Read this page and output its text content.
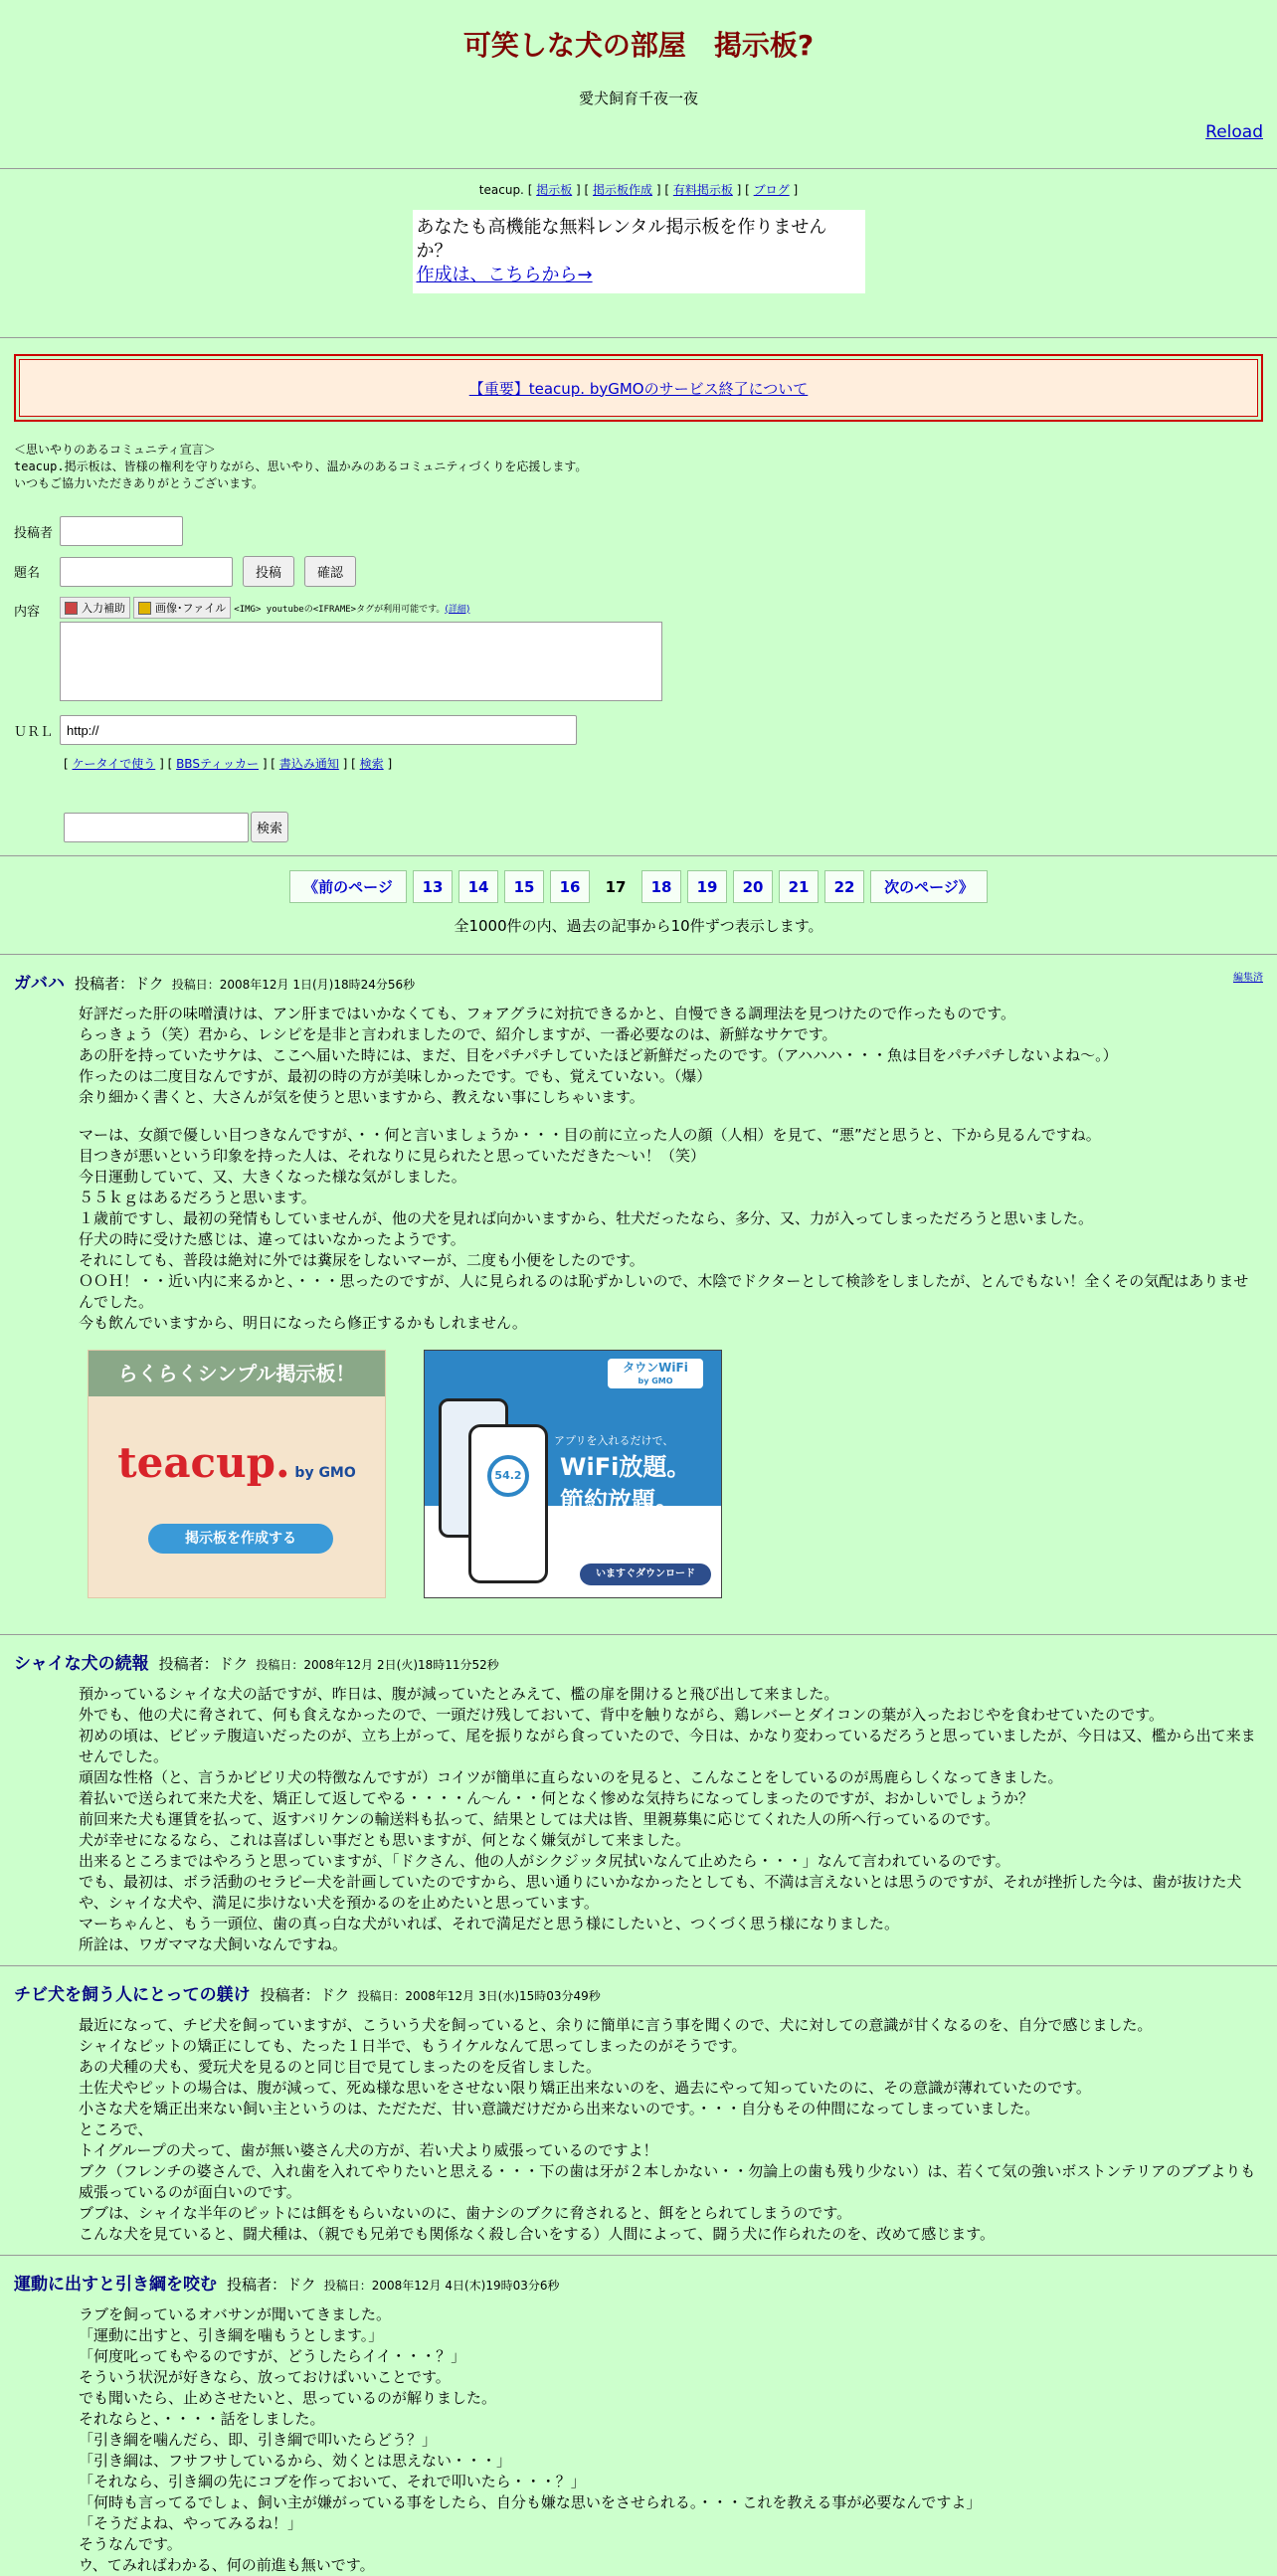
可笑しな犬の部屋　掲示板?
愛犬飼育千夜一夜
Reload
teacup. [ 掲示板 ] [ 掲示板作成 ] [ 有料掲示板 ] [ ブログ ]
あなたも高機能な無料レンタル掲示板を作りませんか？
作成は、こちらから→
【重要】teacup. byGMOのサービス終了について
＜思いやりのあるコミュニティ宣言＞
teacup.掲示板は、皆様の権利を守りながら、思いやり、温かみのあるコミュニティづくりを応援します。
いつもご協力いただきありがとうございます。
投稿者
題名	投稿	確認
内容	入力補助	画像･ファイル <IMG> youtubeの<IFRAME>タグが利用可能です。 (詳細)
ＵＲＬ
http://
[ ケータイで使う ] [ BBSティッカー ] [ 書込み通知 ] [ 検索 ]
検索
《前のページ	13	14	15	16	17	18	19	20	21	22	次のページ》
全1000件の内、過去の記事から10件ずつ表示します。
ガバハ 投稿者：ドク 投稿日：2008年12月 1日(月)18時24分56秒	編集済
好評だった肝の味噌漬けは、アン肝まではいかなくても、フォアグラに対抗できるかと、自慢できる調理法を見つけたので作ったものです。
らっきょう（笑）君から、レシピを是非と言われましたので、紹介しますが、一番必要なのは、新鮮なサケです。
あの肝を持っていたサケは、ここへ届いた時には、まだ、目をパチパチしていたほど新鮮だったのです。（アハハハ・・・魚は目をパチパチしないよね～。）
作ったのは二度目なんですが、最初の時の方が美味しかったです。でも、覚えていない。（爆）
余り細かく書くと、大さんが気を使うと思いますから、教えない事にしちゃいます。
マーは、女顔で優しい目つきなんですが、・・何と言いましょうか・・・目の前に立った人の顔（人相）を見て、“悪”だと思うと、下から見るんですね。
目つきが悪いという印象を持った人は、それなりに見られたと思っていただきた～い！（笑）
今日運動していて、又、大きくなった様な気がしました。
５５ｋｇはあるだろうと思います。
１歳前ですし、最初の発情もしていませんが、他の犬を見れば向かいますから、牡犬だったなら、多分、又、力が入ってしまっただろうと思いました。
仔犬の時に受けた感じは、違ってはいなかったようです。
それにしても、普段は絶対に外では糞尿をしないマーが、二度も小便をしたのです。
ＯＯＨ！・・近い内に来るかと、・・・思ったのですが、人に見られるのは恥ずかしいので、木陰でドクターとして検診をしましたが、とんでもない！全くその気配はありませんでした。
今も飲んでいますから、明日になったら修正するかもしれません。
らくらくシンプル掲示板！
teacup. by GMO
掲示板を作成する
タウンWiFi
by GMO
54.2
アプリを入れるだけで、
WiFi放題。
節約放題。
いますぐダウンロード
シャイな犬の続報 投稿者：ドク 投稿日：2008年12月 2日(火)18時11分52秒
預かっているシャイな犬の話ですが、昨日は、腹が減っていたとみえて、檻の扉を開けると飛び出して来ました。
外でも、他の犬に脅されて、何も食えなかったので、一頭だけ残しておいて、背中を触りながら、鶏レバーとダイコンの葉が入ったおじやを食わせていたのです。
初めの頃は、ビビッテ腹這いだったのが、立ち上がって、尾を振りながら食っていたので、今日は、かなり変わっているだろうと思っていましたが、今日は又、檻から出て来ませんでした。
頑固な性格（と、言うかビビリ犬の特徴なんですが）コイツが簡単に直らないのを見ると、こんなことをしているのが馬鹿らしくなってきました。
着払いで送られて来た犬を、矯正して返してやる・・・・ん～ん・・何となく惨めな気持ちになってしまったのですが、おかしいでしょうか？
前回来た犬も運賃を払って、返すバリケンの輸送料も払って、結果としては犬は皆、里親募集に応じてくれた人の所へ行っているのです。
犬が幸せになるなら、これは喜ばしい事だとも思いますが、何となく嫌気がして来ました。
出来るところまではやろうと思っていますが、「ドクさん、他の人がシクジッタ尻拭いなんて止めたら・・・」なんて言われているのです。
でも、最初は、ボラ活動のセラピー犬を計画していたのですから、思い通りにいかなかったとしても、不満は言えないとは思うのですが、それが挫折した今は、歯が抜けた犬や、シャイな犬や、満足に歩けない犬を預かるのを止めたいと思っています。
マーちゃんと、もう一頭位、歯の真っ白な犬がいれば、それで満足だと思う様にしたいと、つくづく思う様になりました。
所詮は、ワガママな犬飼いなんですね。
チビ犬を飼う人にとっての躾け 投稿者：ドク 投稿日：2008年12月 3日(水)15時03分49秒
最近になって、チビ犬を飼っていますが、こういう犬を飼っていると、余りに簡単に言う事を聞くので、犬に対しての意識が甘くなるのを、自分で感じました。
シャイなピットの矯正にしても、たった１日半で、もうイケルなんて思ってしまったのがそうです。
あの犬種の犬も、愛玩犬を見るのと同じ目で見てしまったのを反省しました。
土佐犬やピットの場合は、腹が減って、死ぬ様な思いをさせない限り矯正出来ないのを、過去にやって知っていたのに、その意識が薄れていたのです。
小さな犬を矯正出来ない飼い主というのは、ただただ、甘い意識だけだから出来ないのです。・・・自分もその仲間になってしまっていました。
ところで、
トイグループの犬って、歯が無い婆さん犬の方が、若い犬より威張っているのですよ！
ブク（フレンチの婆さんで、入れ歯を入れてやりたいと思える・・・下の歯は牙が２本しかない・・勿論上の歯も残り少ない）は、若くて気の強いボストンテリアのブブよりも威張っているのが面白いのです。
ブブは、シャイな半年のピットには餌をもらいないのに、歯ナシのブクに脅されると、餌をとられてしまうのです。
こんな犬を見ていると、闘犬種は、（親でも兄弟でも関係なく殺し合いをする）人間によって、闘う犬に作られたのを、改めて感じます。
運動に出すと引き綱を咬む 投稿者：ドク 投稿日：2008年12月 4日(木)19時03分6秒
ラブを飼っているオバサンが聞いてきました。
「運動に出すと、引き綱を噛もうとします。」
「何度叱ってもやるのですが、どうしたらイイ・・・？」
そういう状況が好きなら、放っておけばいいことです。
でも聞いたら、止めさせたいと、思っているのが解りました。
それならと、・・・・話をしました。
「引き綱を噛んだら、即、引き綱で叩いたらどう？」
「引き綱は、フサフサしているから、効くとは思えない・・・」
「それなら、引き綱の先にコブを作っておいて、それで叩いたら・・・？」
「何時も言ってるでしょ、飼い主が嫌がっている事をしたら、自分も嫌な思いをさせられる。・・・これを教える事が必要なんですよ」
「そうだよね、やってみるね！」
そうなんです。
ウ、てみればわかる、何の前進も無いです。
